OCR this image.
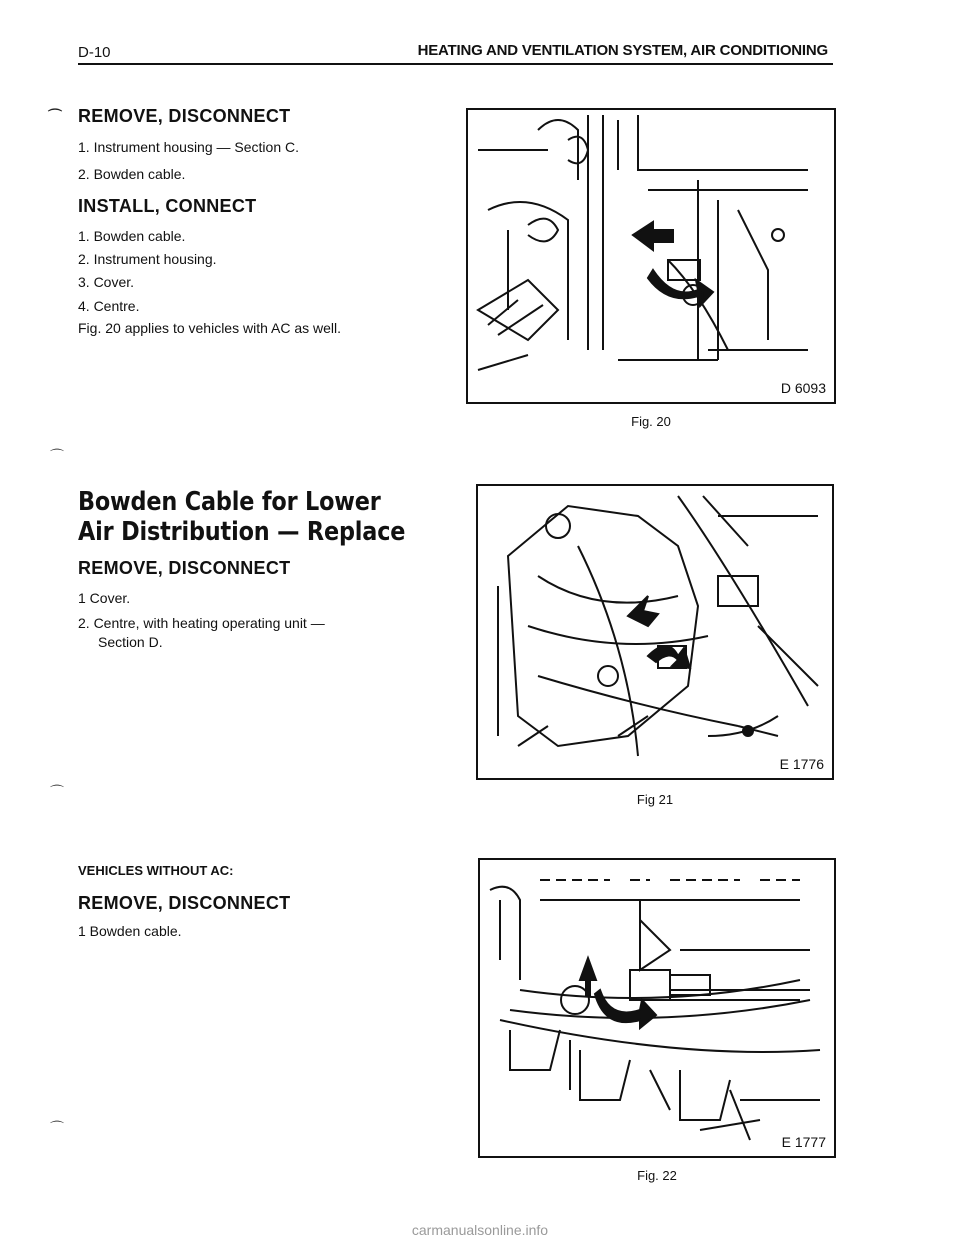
D-10	HEATING AND VENTILATION SYSTEM, AIR CONDITIONING
⌒
⌒
⌒
⌒
REMOVE, DISCONNECT
1. Instrument housing — Section C.
2. Bowden cable.
INSTALL, CONNECT
1. Bowden cable.
2. Instrument housing.
3. Cover.
4. Centre.
Fig. 20 applies to vehicles with AC as well.
Bowden Cable for Lower
Air Distribution — Replace
REMOVE, DISCONNECT
1 Cover.
2. Centre, with heating operating unit —
Section D.
VEHICLES WITHOUT AC:
REMOVE, DISCONNECT
1 Bowden cable.
D 6093
Fig. 20
E 1776
Fig 21
E 1777
Fig. 22
carmanualsonline.info
